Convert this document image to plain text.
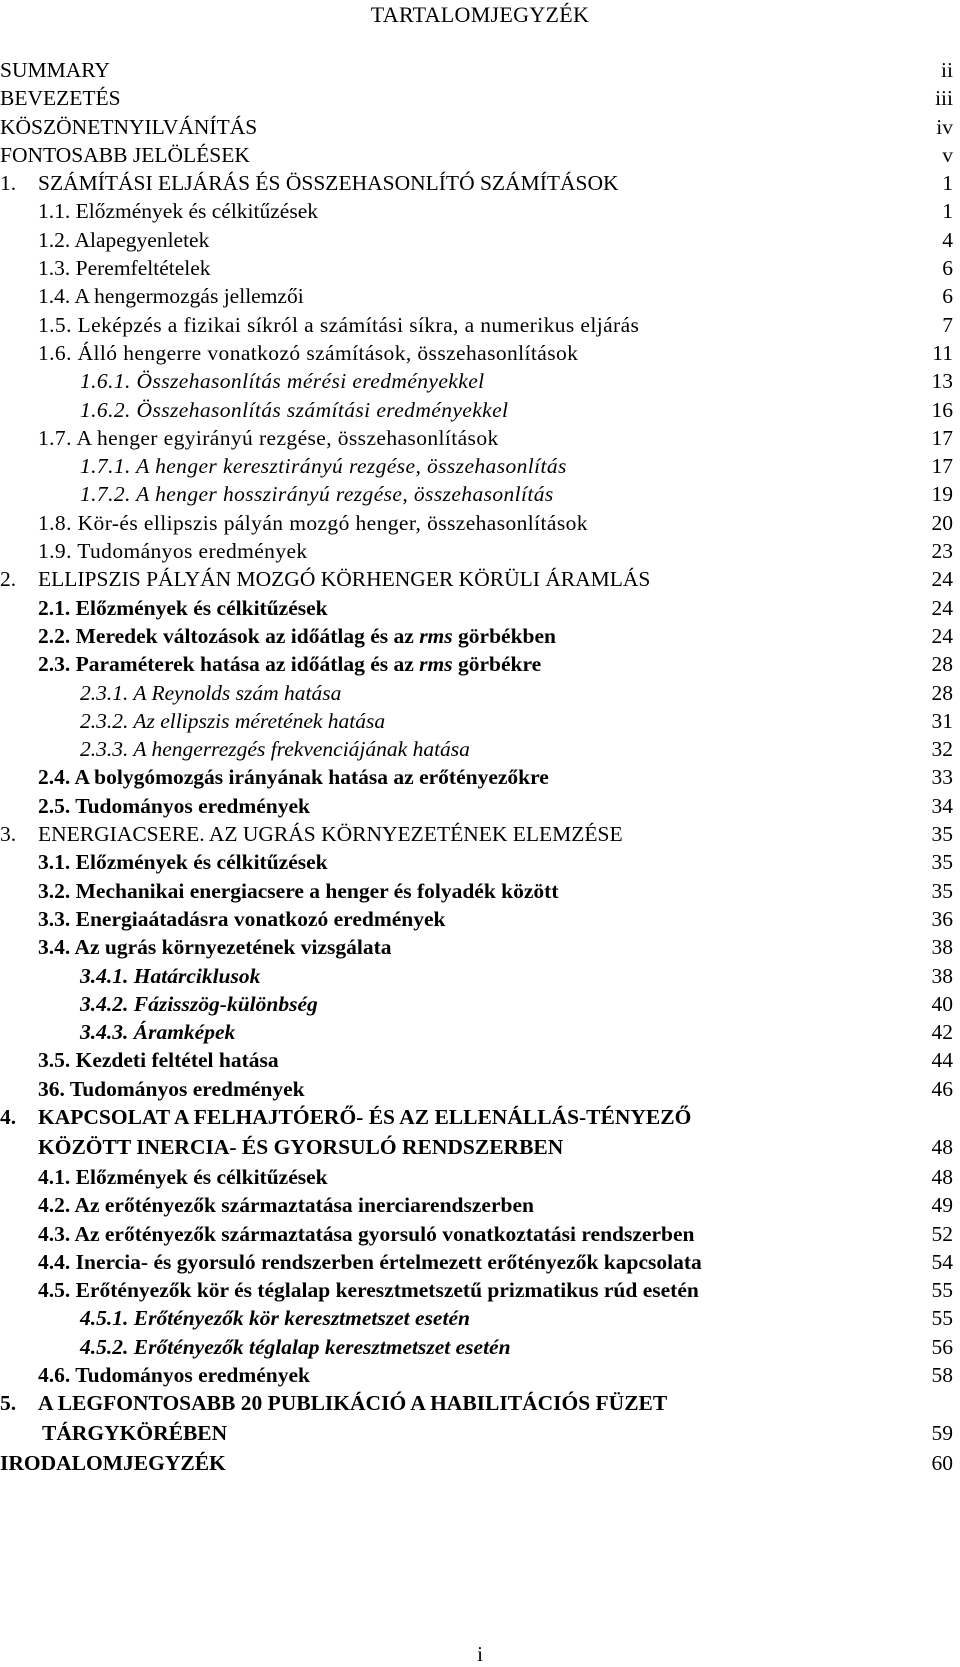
TARTALOMJEGYZÉK
SUMMARY	ii
BEVEZETÉS	iii
KÖSZÖNETNYILVÁNÍTÁS	iv
FONTOSABB JELÖLÉSEK	v
1. SZÁMÍTÁSI ELJÁRÁS ÉS ÖSSZEHASONLÍTÓ SZÁMÍTÁSOK	1
1.1. Előzmények és célkitűzések	1
1.2. Alapegyenletek	4
1.3. Peremfeltételek	6
1.4. A hengermozgás jellemzői	6
1.5. Leképzés a fizikai síkról a számítási síkra, a numerikus eljárás	7
1.6. Álló hengerre vonatkozó számítások, összehasonlítások	11
1.6.1. Összehasonlítás mérési eredményekkel	13
1.6.2. Összehasonlítás számítási eredményekkel	16
1.7. A henger egyirányú rezgése, összehasonlítások	17
1.7.1. A henger keresztirányú rezgése, összehasonlítás	17
1.7.2. A henger hosszirányú rezgése, összehasonlítás	19
1.8. Kör-és ellipszis pályán mozgó henger, összehasonlítások	20
1.9. Tudományos eredmények	23
2. ELLIPSZIS PÁLYÁN MOZGÓ KÖRHENGER KÖRÜLI ÁRAMLÁS	24
2.1. Előzmények és célkitűzések	24
2.2. Meredek változások az időátlag és az rms görbékben	24
2.3. Paraméterek hatása az időátlag és az rms görbékre	28
2.3.1. A Reynolds szám hatása	28
2.3.2. Az ellipszis méretének hatása	31
2.3.3. A hengerrezgés frekvenciájának hatása	32
2.4. A bolygómozgás irányának hatása az erőtényezőkre	33
2.5. Tudományos eredmények	34
3. ENERGIACSERE. AZ UGRÁS KÖRNYEZETÉNEK ELEMZÉSE	35
3.1. Előzmények és célkitűzések	35
3.2. Mechanikai energiacsere a henger és folyadék között	35
3.3. Energiaátadásra vonatkozó eredmények	36
3.4. Az ugrás környezetének vizsgálata	38
3.4.1. Határciklusok	38
3.4.2. Fázisszög-különbség	40
3.4.3. Áramképek	42
3.5. Kezdeti feltétel hatása	44
36. Tudományos eredmények	46
4. KAPCSOLAT A FELHAJTÓERŐ- ÉS AZ ELLENÁLLÁS-TÉNYEZŐ
KÖZÖTT INERCIA- ÉS GYORSULÓ RENDSZERBEN	48
4.1. Előzmények és célkitűzések	48
4.2. Az erőtényezők származtatása inerciarendszerben	49
4.3. Az erőtényezők származtatása gyorsuló vonatkoztatási rendszerben	52
4.4. Inercia- és gyorsuló rendszerben értelmezett erőtényezők kapcsolata	54
4.5. Erőtényezők kör és téglalap keresztmetszetű prizmatikus rúd esetén	55
4.5.1. Erőtényezők kör keresztmetszet esetén	55
4.5.2. Erőtényezők téglalap keresztmetszet esetén	56
4.6. Tudományos eredmények	58
5. A LEGFONTOSABB 20 PUBLIKÁCIÓ A HABILITÁCIÓS FÜZET
TÁRGYKÖRÉBEN	59
IRODALOMJEGYZÉK	60
i
